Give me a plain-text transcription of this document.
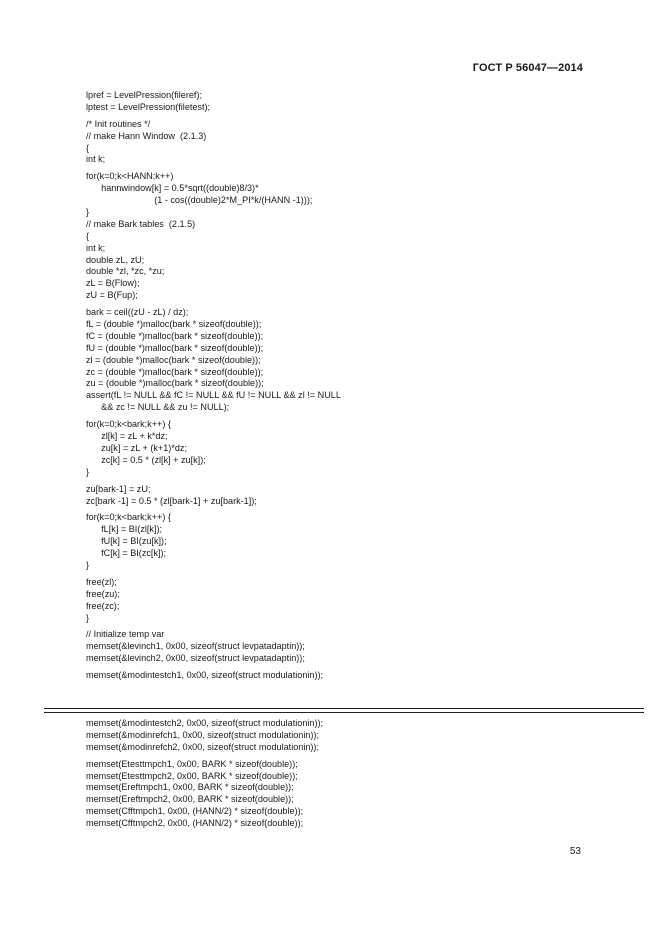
ГОСТ Р 56047—2014
lpref = LevelPression(fileref);
lptest = LevelPression(filetest);
/* Init routines */
// make Hann Window  (2.1.3)
{
int k;
for(k=0;k<HANN;k++)
hannwindow[k] = 0.5*sqrt((double)8/3)*
(1 - cos((double)2*M_PI*k/(HANN -1)));
}
// make Bark tables  (2.1.5)
{
int k;
double zL, zU;
double *zl, *zc, *zu;
zL = B(Flow);
zU = B(Fup);
bark = ceil((zU - zL) / dz);
fL = (double *)malloc(bark * sizeof(double));
fC = (double *)malloc(bark * sizeof(double));
fU = (double *)malloc(bark * sizeof(double));
zl = (double *)malloc(bark * sizeof(double));
zc = (double *)malloc(bark * sizeof(double));
zu = (double *)malloc(bark * sizeof(double));
assert(fL != NULL && fC != NULL && fU != NULL && zl != NULL
&& zc != NULL && zu != NULL);
for(k=0;k<bark;k++) {
zl[k] = zL + k*dz;
zu[k] = zL + (k+1)*dz;
zc[k] = 0.5 * (zl[k] + zu[k]);
}
zu[bark-1] = zU;
zc[bark -1] = 0.5 * (zl[bark-1] + zu[bark-1]);
for(k=0;k<bark;k++) {
fL[k] = BI(zl[k]);
fU[k] = BI(zu[k]);
fC[k] = BI(zc[k]);
}
free(zl);
free(zu);
free(zc);
}
// Initialize temp var
memset(&levinch1, 0x00, sizeof(struct levpatadaptin));
memset(&levinch2, 0x00, sizeof(struct levpatadaptin));
memset(&modintestch1, 0x00, sizeof(struct modulationin));
memset(&modintestch2, 0x00, sizeof(struct modulationin));
memset(&modinrefch1, 0x00, sizeof(struct modulationin));
memset(&modinrefch2, 0x00, sizeof(struct modulationin));
memset(Etesttmpch1, 0x00, BARK * sizeof(double));
memset(Etesttmpch2, 0x00, BARK * sizeof(double));
memset(Ereftmpch1, 0x00, BARK * sizeof(double));
memset(Ereftmpch2, 0x00, BARK * sizeof(double));
memset(Cfftmpch1, 0x00, (HANN/2) * sizeof(double));
memset(Cfftmpch2, 0x00, (HANN/2) * sizeof(double));
53
